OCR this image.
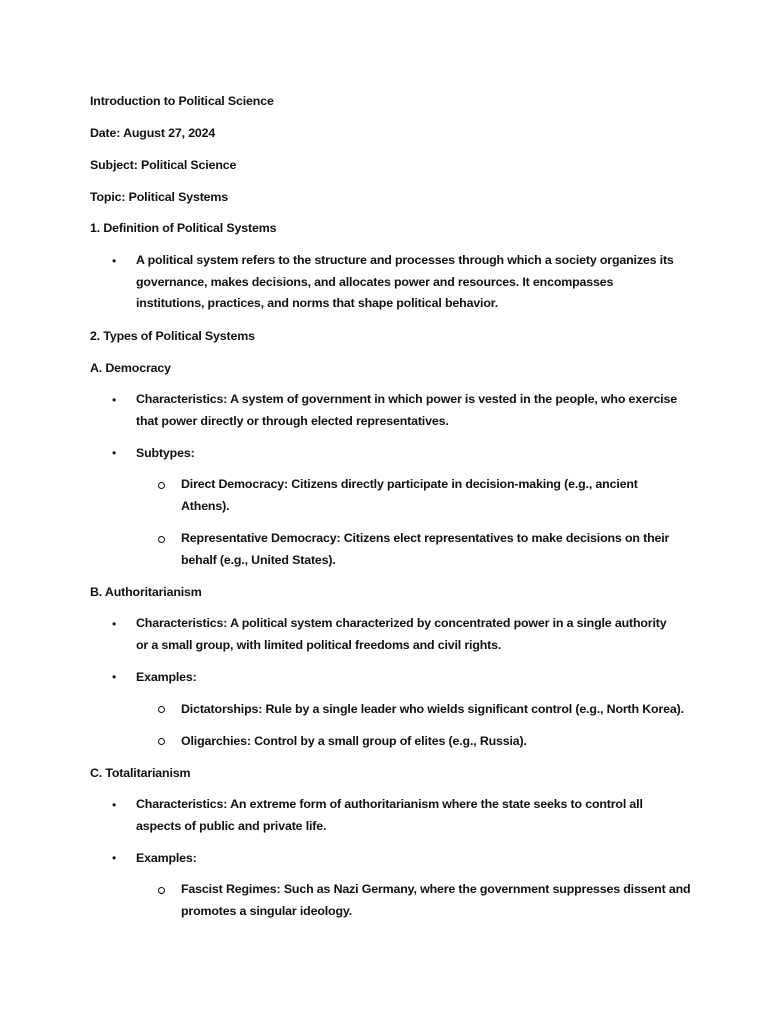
Introduction to Political Science
Date: August 27, 2024
Subject: Political Science
Topic: Political Systems
1. Definition of Political Systems
• A political system refers to the structure and processes through which a society organizes its governance, makes decisions, and allocates power and resources. It encompasses institutions, practices, and norms that shape political behavior.
2. Types of Political Systems
A. Democracy
• Characteristics: A system of government in which power is vested in the people, who exercise that power directly or through elected representatives.
• Subtypes:
Direct Democracy: Citizens directly participate in decision-making (e.g., ancient Athens).
Representative Democracy: Citizens elect representatives to make decisions on their behalf (e.g., United States).
B. Authoritarianism
• Characteristics: A political system characterized by concentrated power in a single authority or a small group, with limited political freedoms and civil rights.
• Examples:
Dictatorships: Rule by a single leader who wields significant control (e.g., North Korea).
Oligarchies: Control by a small group of elites (e.g., Russia).
C. Totalitarianism
• Characteristics: An extreme form of authoritarianism where the state seeks to control all aspects of public and private life.
• Examples:
Fascist Regimes: Such as Nazi Germany, where the government suppresses dissent and promotes a singular ideology.
